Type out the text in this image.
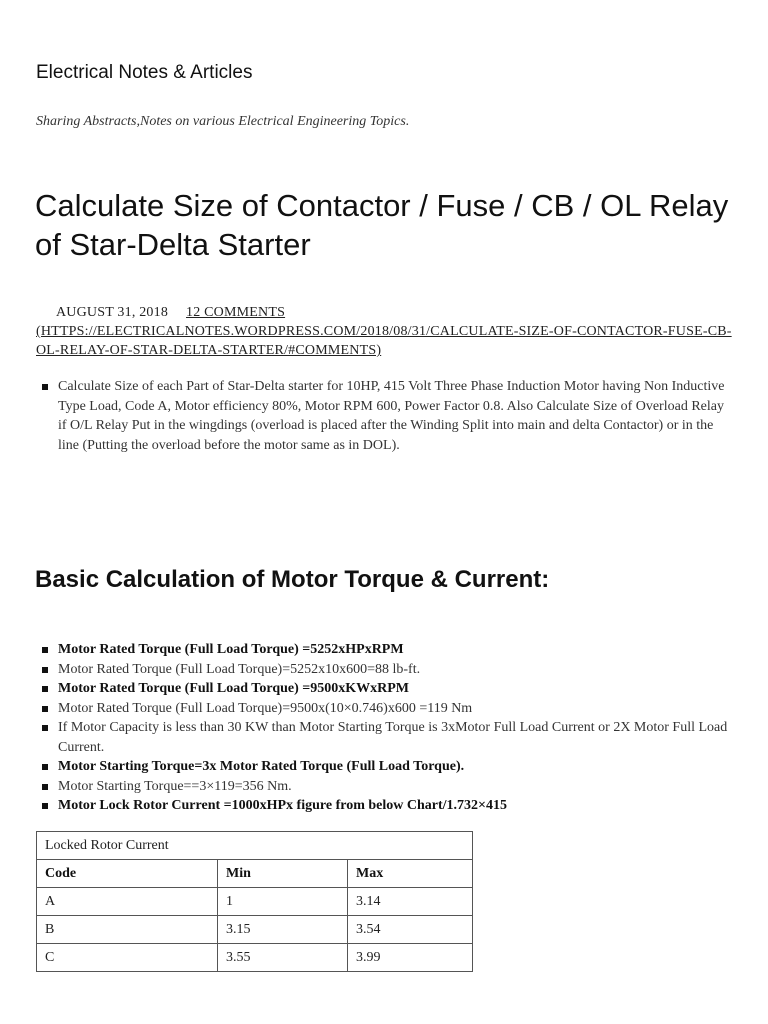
Electrical Notes & Articles
Sharing Abstracts,Notes on various Electrical Engineering Topics.
Calculate Size of Contactor / Fuse / CB / OL Relay of Star-Delta Starter
AUGUST 31, 2018 12 COMMENTS (HTTPS://ELECTRICALNOTES.WORDPRESS.COM/2018/08/31/CALCULATE-SIZE-OF-CONTACTOR-FUSE-CB-OL-RELAY-OF-STAR-DELTA-STARTER/#COMMENTS)
Calculate Size of each Part of Star-Delta starter for 10HP, 415 Volt Three Phase Induction Motor having Non Inductive Type Load, Code A, Motor efficiency 80%, Motor RPM 600, Power Factor 0.8. Also Calculate Size of Overload Relay if O/L Relay Put in the wingdings (overload is placed after the Winding Split into main and delta Contactor) or in the line (Putting the overload before the motor same as in DOL).
Basic Calculation of Motor Torque & Current:
Motor Rated Torque (Full Load Torque) =5252xHPxRPM
Motor Rated Torque (Full Load Torque)=5252x10x600=88 lb-ft.
Motor Rated Torque (Full Load Torque) =9500xKWxRPM
Motor Rated Torque (Full Load Torque)=9500x(10×0.746)x600 =119 Nm
If Motor Capacity is less than 30 KW than Motor Starting Torque is 3xMotor Full Load Current or 2X Motor Full Load Current.
Motor Starting Torque=3x Motor Rated Torque (Full Load Torque).
Motor Starting Torque==3×119=356 Nm.
Motor Lock Rotor Current =1000xHPx figure from below Chart/1.732×415
Locked Rotor Current		
Code	Min	Max
A	1	3.14
B	3.15	3.54
C	3.55	3.99
